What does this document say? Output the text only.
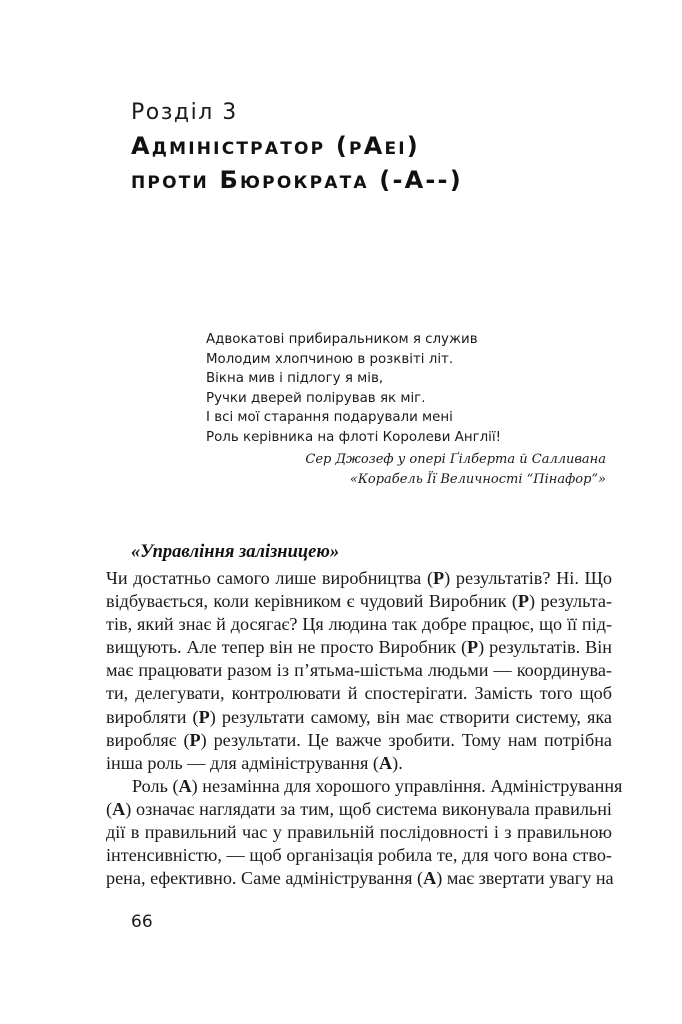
Розділ 3
Адміністратор (pAei)
проти Бюрократа (-A--)
Адвокатові прибиральником я служив
Молодим хлопчиною в розквіті літ.
Вікна мив і підлогу я мів,
Ручки дверей полірував як міг.
І всі мої старання подарували мені
Роль керівника на флоті Королеви Англії!
Сер Джозеф у опері Ґілберта й Салливана
«Корабель Її Величності “Пінафор”»
«Управління залізницею»
Чи достатньо самого лише виробництва (P) результатів? Ні. Що
відбувається, коли керівником є чудовий Виробник (P) результа-
тів, який знає й досягає? Ця людина так добре працює, що її під-
вищують. Але тепер він не просто Виробник (P) результатів. Він
має працювати разом із п’ятьма-шістьма людьми — координува-
ти, делегувати, контролювати й спостерігати. Замість того щоб
виробляти (P) результати самому, він має створити систему, яка
виробляє (P) результати. Це важче зробити. Тому нам потрібна
інша роль — для адміністрування (A).
Роль (A) незамінна для хорошого управління. Адміністрування
(A) означає наглядати за тим, щоб система виконувала правильні
дії в правильний час у правильній послідовності і з правильною
інтенсивністю, — щоб організація робила те, для чого вона ство-
рена, ефективно. Саме адміністрування (A) має звертати увагу на
66
